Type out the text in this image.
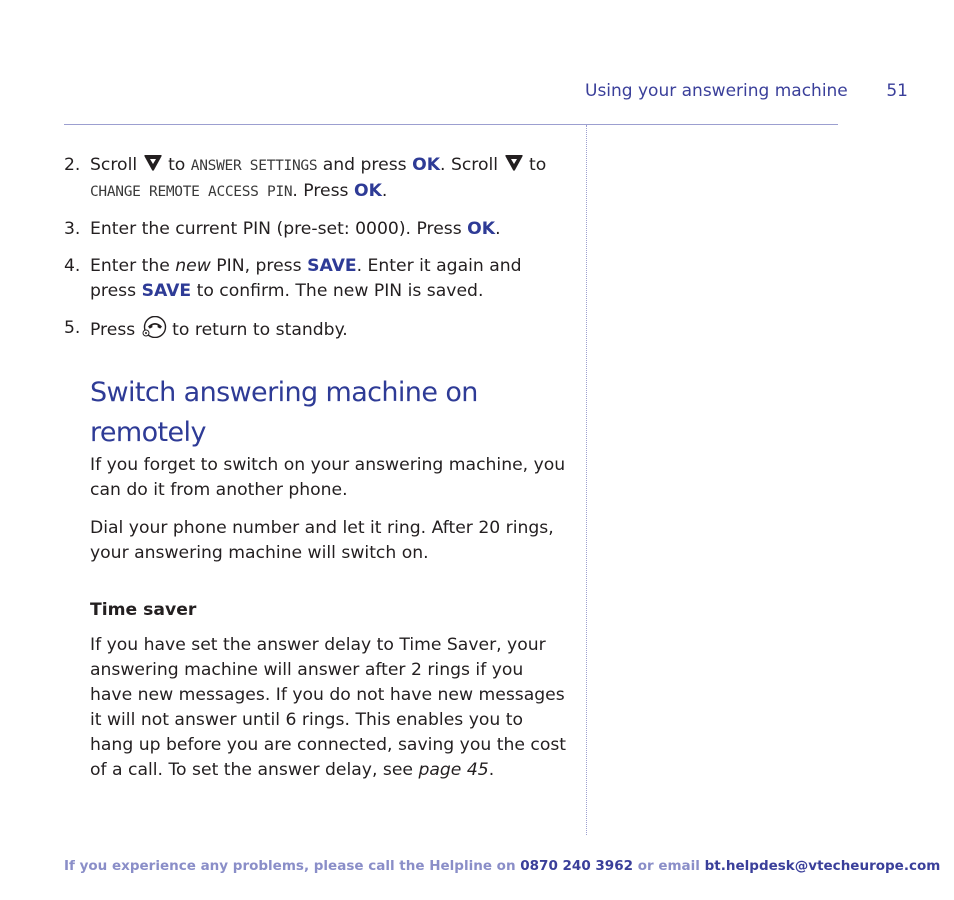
Using your answering machine 51
2. Scroll to ANSWER SETTINGS and press OK. Scroll to CHANGE REMOTE ACCESS PIN. Press OK.
3. Enter the current PIN (pre-set: 0000). Press OK.
4. Enter the new PIN, press SAVE. Enter it again and press SAVE to confirm. The new PIN is saved.
5. Press to return to standby.
Switch answering machine on remotely

If you forget to switch on your answering machine, you can do it from another phone.

Dial your phone number and let it ring. After 20 rings, your answering machine will switch on.

Time saver

If you have set the answer delay to Time Saver, your answering machine will answer after 2 rings if you have new messages. If you do not have new messages it will not answer until 6 rings. This enables you to hang up before you are connected, saving you the cost of a call. To set the answer delay, see page 45.

If you experience any problems, please call the Helpline on 0870 240 3962 or email bt.helpdesk@vtecheurope.com
